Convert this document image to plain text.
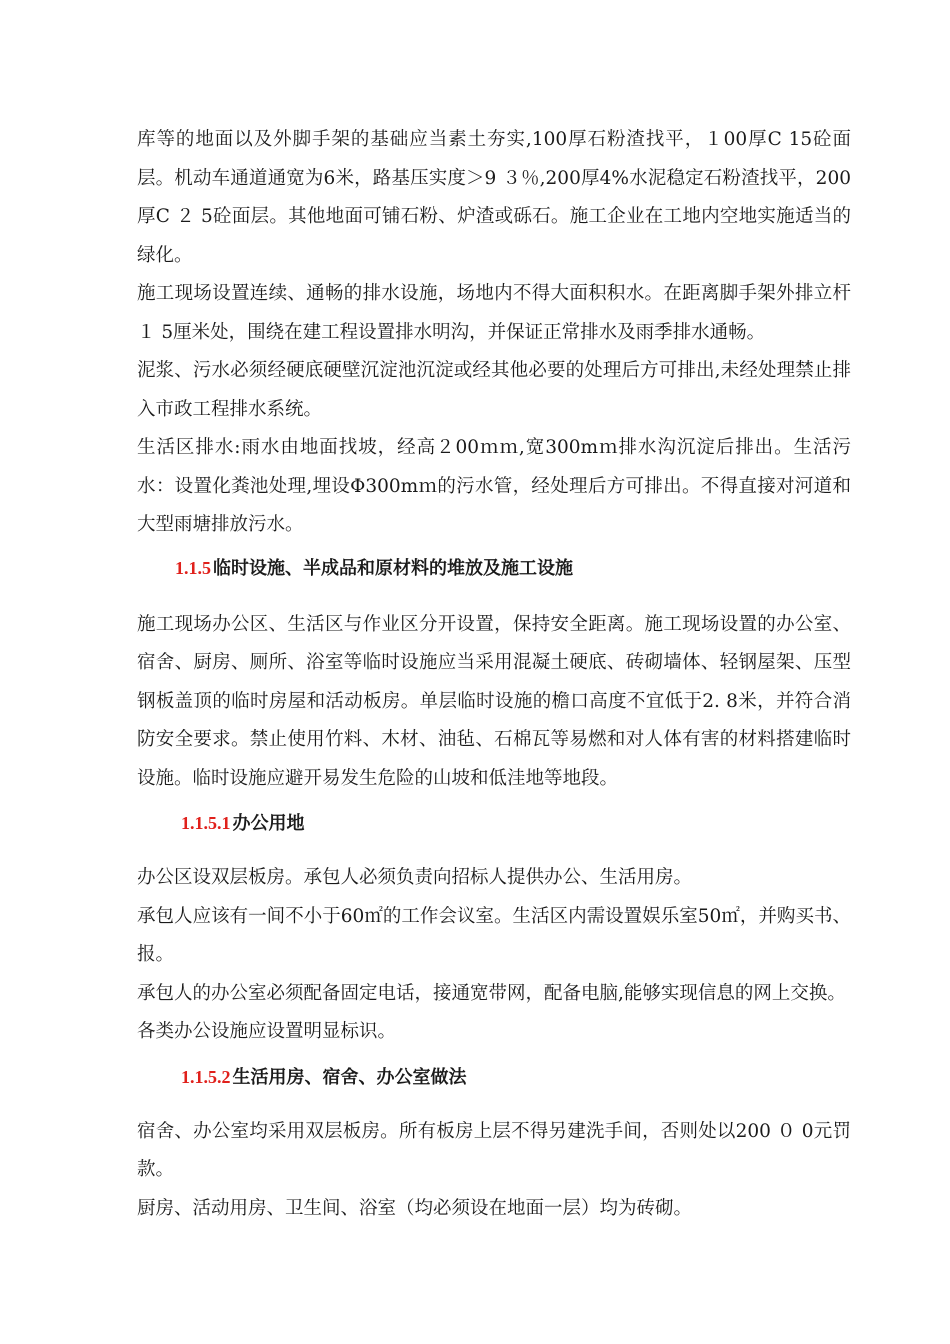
库等的地面以及外脚手架的基础应当素土夯实,100厚石粉渣找平，１00厚C 15砼面层。机动车通道通宽为6米，路基压实度＞9 ３％,200厚4%水泥稳定石粉渣找平，200厚C ２ 5砼面层。其他地面可铺石粉、炉渣或砾石。施工企业在工地内空地实施适当的绿化。

施工现场设置连续、通畅的排水设施，场地内不得大面积积水。在距离脚手架外排立杆１ 5厘米处，围绕在建工程设置排水明沟，并保证正常排水及雨季排水通畅。

泥浆、污水必须经硬底硬壁沉淀池沉淀或经其他必要的处理后方可排出,未经处理禁止排入市政工程排水系统。

生活区排水:雨水由地面找坡，经高２00ｍｍ,宽300mｍ排水沟沉淀后排出。生活污水：设置化粪池处理,埋设Φ300mｍ的污水管，经处理后方可排出。不得直接对河道和大型雨塘排放污水。

1.1.5 临时设施、半成品和原材料的堆放及施工设施

施工现场办公区、生活区与作业区分开设置，保持安全距离。施工现场设置的办公室、宿舍、厨房、厕所、浴室等临时设施应当采用混凝土硬底、砖砌墙体、轻钢屋架、压型钢板盖顶的临时房屋和活动板房。单层临时设施的檐口高度不宜低于2. 8米，并符合消防安全要求。禁止使用竹料、木材、油毡、石棉瓦等易燃和对人体有害的材料搭建临时设施。临时设施应避开易发生危险的山坡和低洼地等地段。

1.1.5.1 办公用地

办公区设双层板房。承包人必须负责向招标人提供办公、生活用房。

承包人应该有一间不小于60㎡的工作会议室。生活区内需设置娱乐室50㎡，并购买书、报。

承包人的办公室必须配备固定电话，接通宽带网，配备电脑,能够实现信息的网上交换。

各类办公设施应设置明显标识。

1.1.5.2 生活用房、宿舍、办公室做法

宿舍、办公室均采用双层板房。所有板房上层不得另建洗手间，否则处以200 ０ 0元罚款。

厨房、活动用房、卫生间、浴室（均必须设在地面一层）均为砖砌。
